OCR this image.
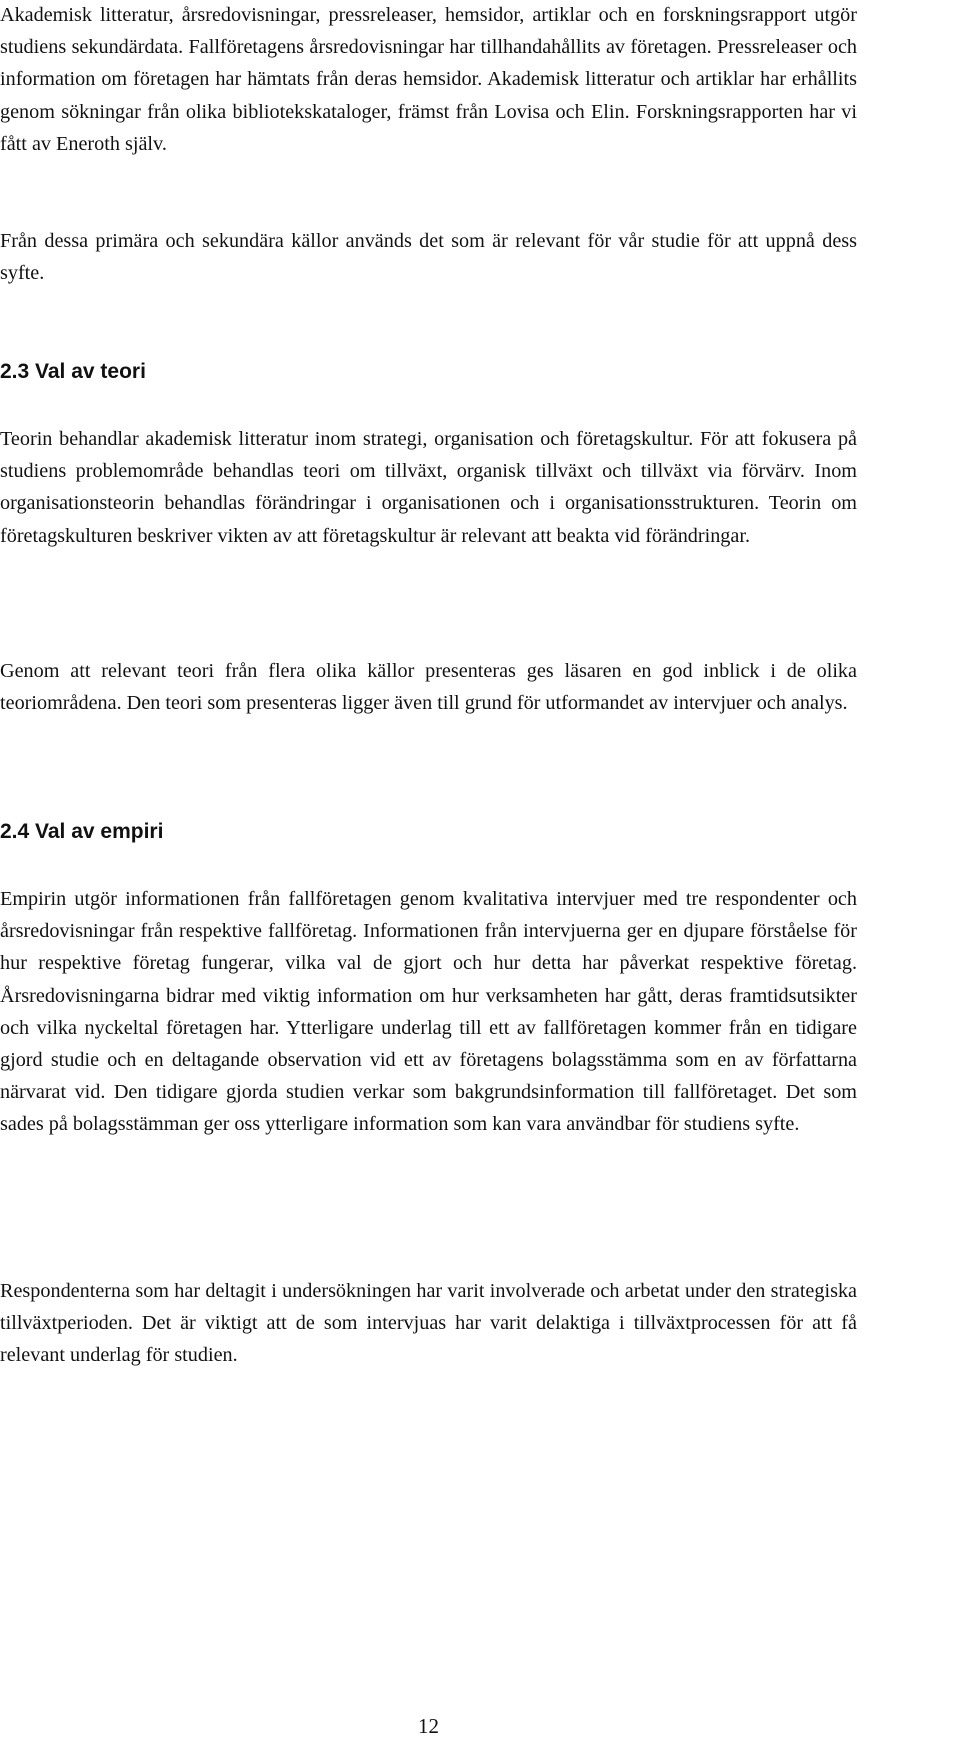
Akademisk litteratur, årsredovisningar, pressreleaser, hemsidor, artiklar och en forskningsrapport utgör studiens sekundärdata. Fallföretagens årsredovisningar har tillhandahållits av företagen. Pressreleaser och information om företagen har hämtats från deras hemsidor. Akademisk litteratur och artiklar har erhållits genom sökningar från olika bibliotekskataloger, främst från Lovisa och Elin. Forskningsrapporten har vi fått av Eneroth själv.

Från dessa primära och sekundära källor används det som är relevant för vår studie för att uppnå dess syfte.

2.3 Val av teori

Teorin behandlar akademisk litteratur inom strategi, organisation och företagskultur. För att fokusera på studiens problemområde behandlas teori om tillväxt, organisk tillväxt och tillväxt via förvärv. Inom organisationsteorin behandlas förändringar i organisationen och i organisationsstrukturen. Teorin om företagskulturen beskriver vikten av att företagskultur är relevant att beakta vid förändringar.

Genom att relevant teori från flera olika källor presenteras ges läsaren en god inblick i de olika teoriområdena. Den teori som presenteras ligger även till grund för utformandet av intervjuer och analys.

2.4 Val av empiri

Empirin utgör informationen från fallföretagen genom kvalitativa intervjuer med tre respondenter och årsredovisningar från respektive fallföretag. Informationen från intervjuerna ger en djupare förståelse för hur respektive företag fungerar, vilka val de gjort och hur detta har påverkat respektive företag. Årsredovisningarna bidrar med viktig information om hur verksamheten har gått, deras framtidsutsikter och vilka nyckeltal företagen har. Ytterligare underlag till ett av fallföretagen kommer från en tidigare gjord studie och en deltagande observation vid ett av företagens bolagsstämma som en av författarna närvarat vid. Den tidigare gjorda studien verkar som bakgrundsinformation till fallföretaget. Det som sades på bolagsstämman ger oss ytterligare information som kan vara användbar för studiens syfte.

Respondenterna som har deltagit i undersökningen har varit involverade och arbetat under den strategiska tillväxtperioden. Det är viktigt att de som intervjuas har varit delaktiga i tillväxtprocessen för att få relevant underlag för studien.

12
